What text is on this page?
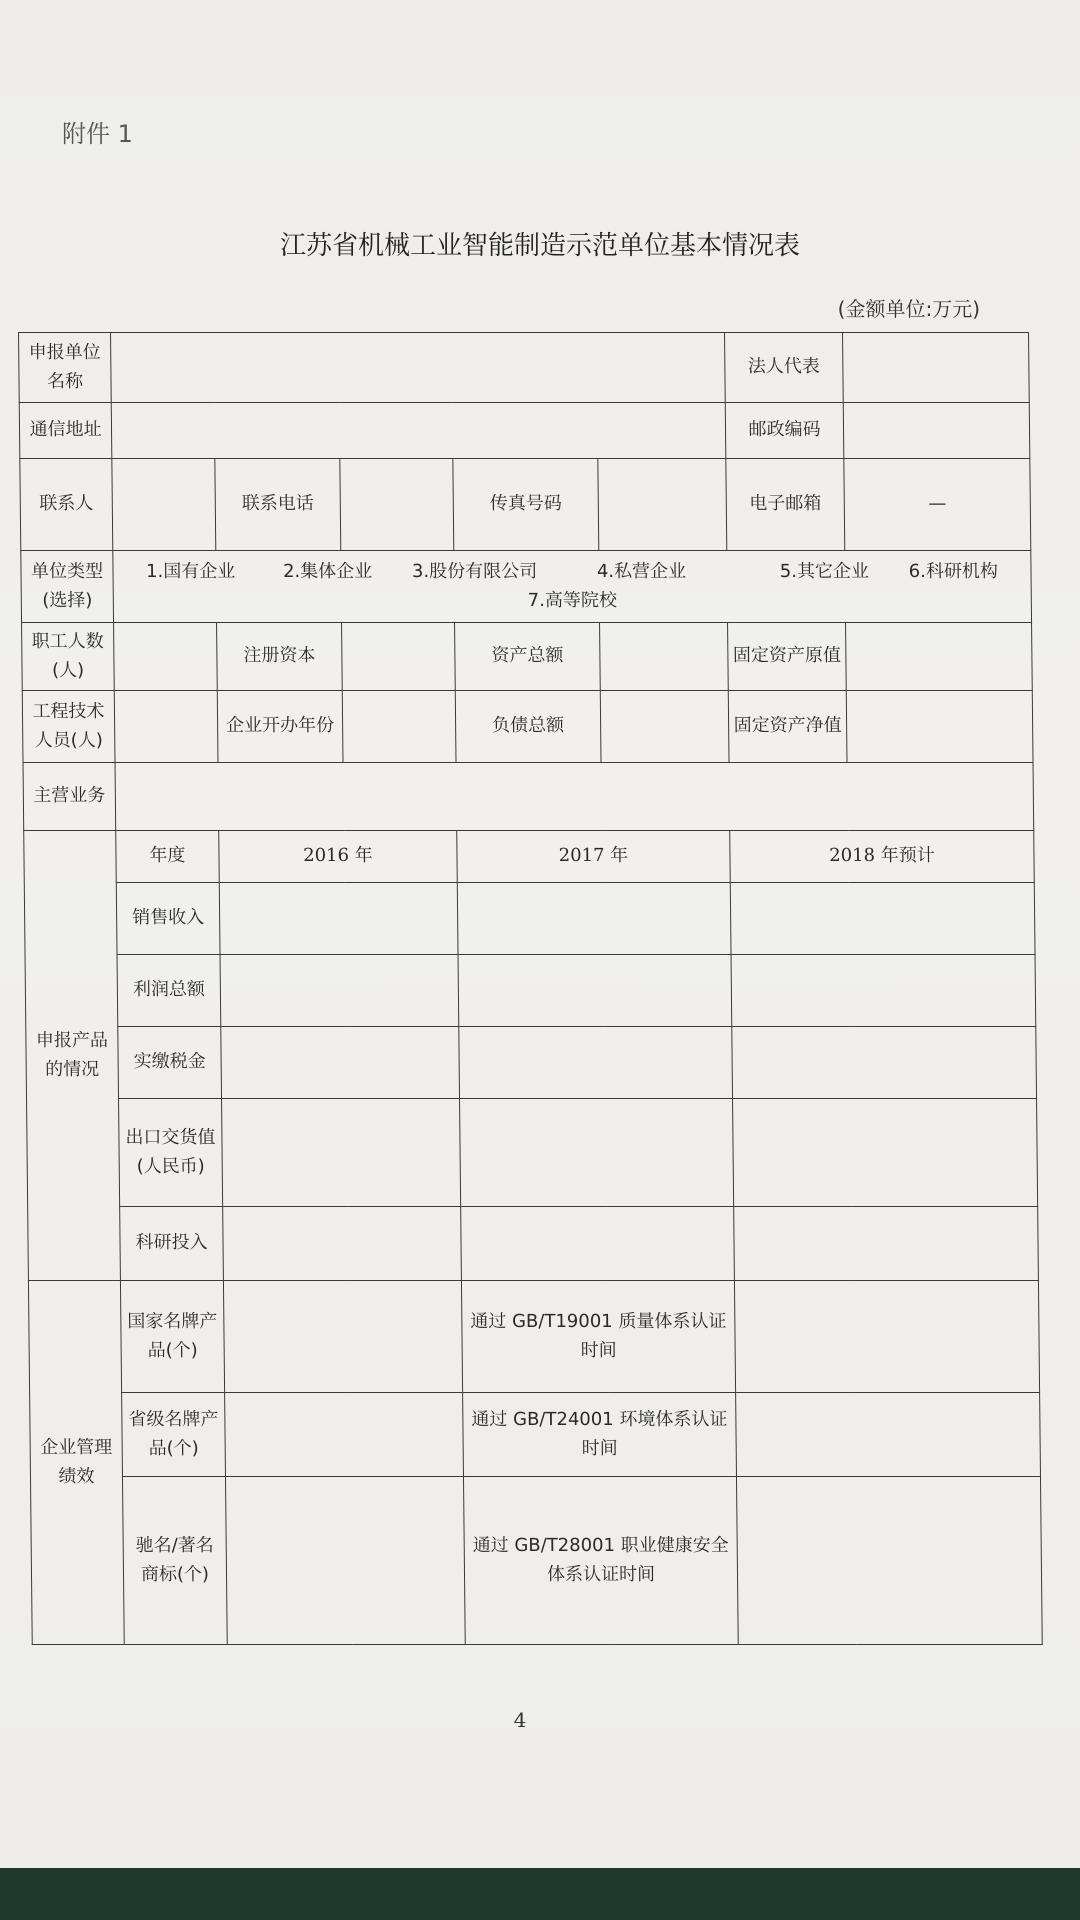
附件 1
江苏省机械工业智能制造示范单位基本情况表
(金额单位:万元)
申报单位名称						法人代表	
通信地址						邮政编码	
联系人		联系电话		传真号码		电子邮箱	—
单位类型(选择)	1.国有企业 2.集体企业 3.股份有限公司 4.私营企业 5.其它企业 6.科研机构
7.高等院校						
职工人数(人)		注册资本		资产总额		固定资产原值	
工程技术人员(人)		企业开办年份		负债总额		固定资产净值	
主营业务							
申报产品的情况	年度	2016 年		2017 年		2018 年预计	
	销售收入						
	利润总额						
	实缴税金						
	出口交货值(人民币)						
	科研投入						
企业管理绩效	国家名牌产品(个)			通过 GB/T19001 质量体系认证时间			
	省级名牌产品(个)			通过 GB/T24001 环境体系认证时间			
	驰名/著名商标(个)			通过 GB/T28001 职业健康安全体系认证时间			
4
